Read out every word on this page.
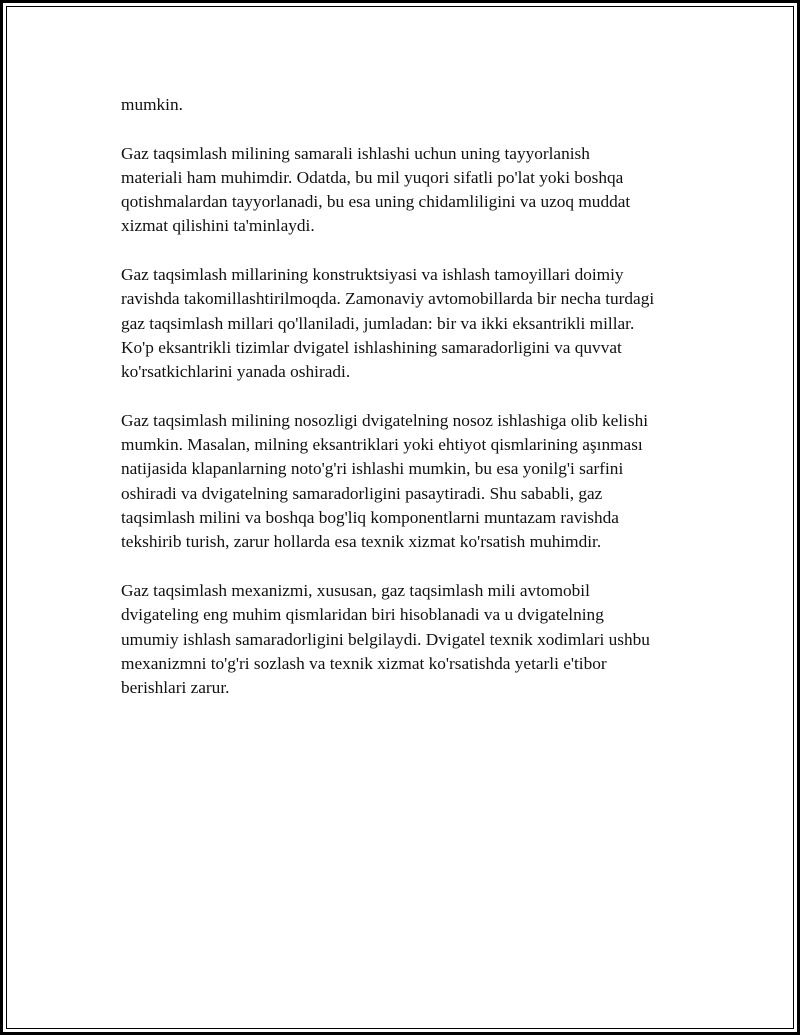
mumkin.

Gaz taqsimlash milining samarali ishlashi uchun uning tayyorlanish
materiali ham muhimdir. Odatda, bu mil yuqori sifatli po'lat yoki boshqa
qotishmalardan tayyorlanadi, bu esa uning chidamliligini va uzoq muddat
xizmat qilishini ta'minlaydi.

Gaz taqsimlash millarining konstruktsiyasi va ishlash tamoyillari doimiy
ravishda takomillashtirilmoqda. Zamonaviy avtomobillarda bir necha turdagi
gaz taqsimlash millari qo'llaniladi, jumladan: bir va ikki eksantrikli millar.
Ko'p eksantrikli tizimlar dvigatel ishlashining samaradorligini va quvvat
ko'rsatkichlarini yanada oshiradi.

Gaz taqsimlash milining nosozligi dvigatelning nosoz ishlashiga olib kelishi
mumkin. Masalan, milning eksantriklari yoki ehtiyot qismlarining aşınması
natijasida klapanlarning noto'g'ri ishlashi mumkin, bu esa yonilg'i sarfini
oshiradi va dvigatelning samaradorligini pasaytiradi. Shu sababli, gaz
taqsimlash milini va boshqa bog'liq komponentlarni muntazam ravishda
tekshirib turish, zarur hollarda esa texnik xizmat ko'rsatish muhimdir.

Gaz taqsimlash mexanizmi, xususan, gaz taqsimlash mili avtomobil
dvigateling eng muhim qismlaridan biri hisoblanadi va u dvigatelning
umumiy ishlash samaradorligini belgilaydi. Dvigatel texnik xodimlari ushbu
mexanizmni to'g'ri sozlash va texnik xizmat ko'rsatishda yetarli e'tibor
berishlari zarur.
